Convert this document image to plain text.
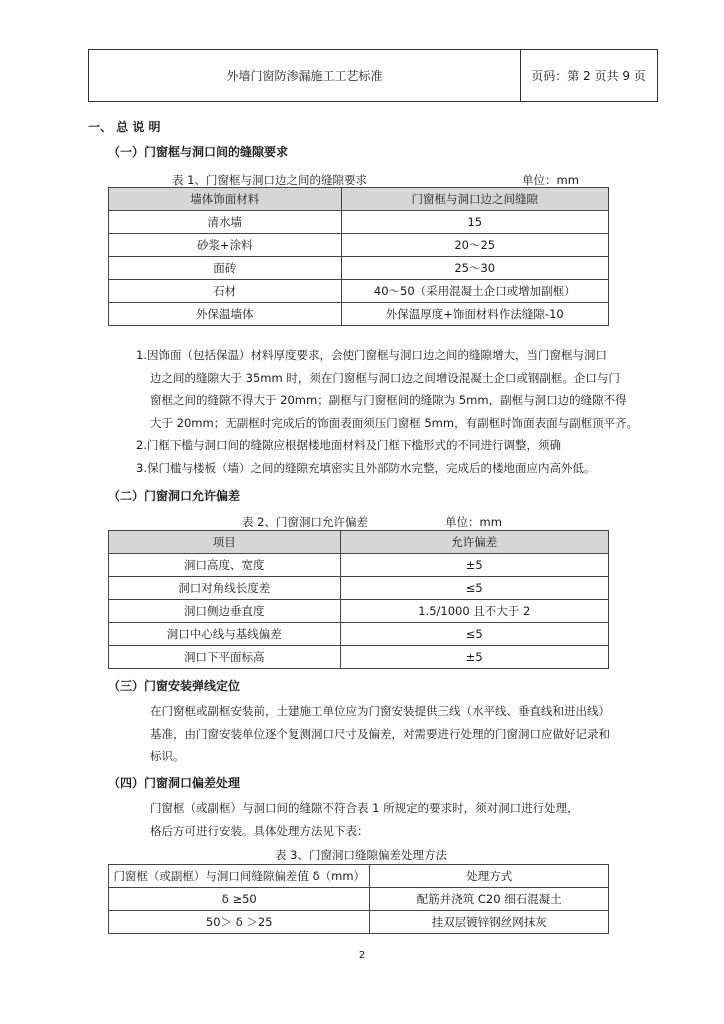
外墙门窗防渗漏施工工艺标准	页码：第 2 页共 9 页
一、 总 说 明
（一）门窗框与洞口间的缝隙要求
表 1、门窗框与洞口边之间的缝隙要求	单位：mm
墙体饰面材料	门窗框与洞口边之间缝隙
清水墙	15
砂浆+涂料	20～25
面砖	25～30
石材	40～50（采用混凝土企口或增加副框）
外保温墙体	外保温厚度+饰面材料作法缝隙-10
1.因饰面（包括保温）材料厚度要求，会使门窗框与洞口边之间的缝隙增大，当门窗框与洞口
边之间的缝隙大于 35mm 时，须在门窗框与洞口边之间增设混凝土企口或钢副框。企口与门
窗框之间的缝隙不得大于 20mm；副框与门窗框间的缝隙为 5mm，副框与洞口边的缝隙不得
大于 20mm；无副框时完成后的饰面表面须压门窗框 5mm，有副框时饰面表面与副框顶平齐。
2.门框下槛与洞口间的缝隙应根据楼地面材料及门框下槛形式的不同进行调整，须确
3.保门槛与楼板（墙）之间的缝隙充填密实且外部防水完整，完成后的楼地面应内高外低。
（二）门窗洞口允许偏差
表 2、门窗洞口允许偏差	单位：mm
项目	允许偏差
洞口高度、宽度	±5
洞口对角线长度差	≤5
洞口侧边垂直度	1.5/1000 且不大于 2
洞口中心线与基线偏差	≤5
洞口下平面标高	±5
（三）门窗安装弹线定位
在门窗框或副框安装前，土建施工单位应为门窗安装提供三线（水平线、垂直线和进出线）
基准，由门窗安装单位逐个复测洞口尺寸及偏差，对需要进行处理的门窗洞口应做好记录和
标识。
（四）门窗洞口偏差处理
门窗框（或副框）与洞口间的缝隙不符合表 1 所规定的要求时，须对洞口进行处理，
格后方可进行安装。具体处理方法见下表：
表 3、门窗洞口缝隙偏差处理方法
门窗框（或副框）与洞口间缝隙偏差值 δ（mm）	处理方式
δ ≥50	配筋并浇筑 C20 细石混凝土
50＞ δ ＞25	挂双层镀锌钢丝网抹灰
2
